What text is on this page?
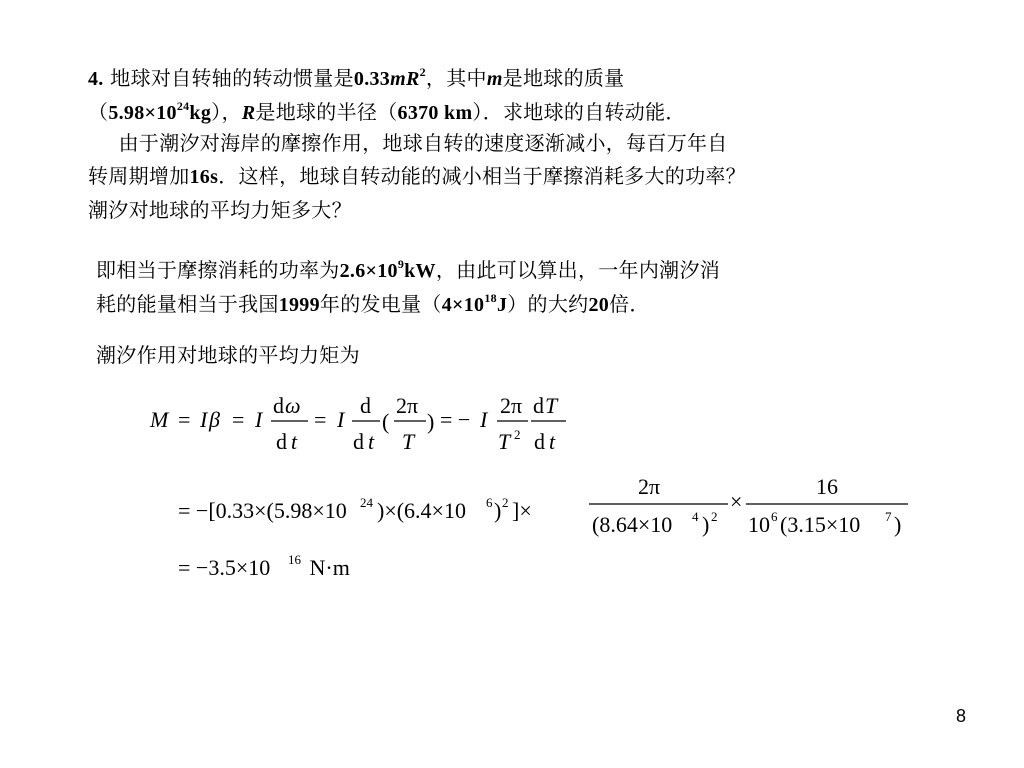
4. 地球对自转轴的转动惯量是$0.33mR^2$，其中m是地球的质量
$(5.98\times 10^{24}kg)$，R是地球的半径（6370 km）．求地球的自转动能．
　 由于潮汐对海岸的摩擦作用，地球自转的速度逐渐减小，每百万年自
转周期增加16s．这样，地球自转动能的减小相当于摩擦消耗多大的功率？
潮汐对地球的平均力矩多大？
即相当于摩擦消耗的功率为$2.6\times 10^9kW$，由此可以算出，一年内潮汐消
耗的能量相当于我国1999年的发电量$(4\times 10^{18}J)$的大约20倍．
潮汐作用对地球的平均力矩为
M = I β = I
d ω
d t
= I
d
d t
(
2π
T
) = − I
2π
T 2
d T
d t
= −[0.33×(5.98×10 24 )×(6.4×10 6 ) 2 ]×
2π
(8.64×10 4 ) 2
×
16
10 6 (3.15×10 7 )
= −3.5×10 16 N·m
8
